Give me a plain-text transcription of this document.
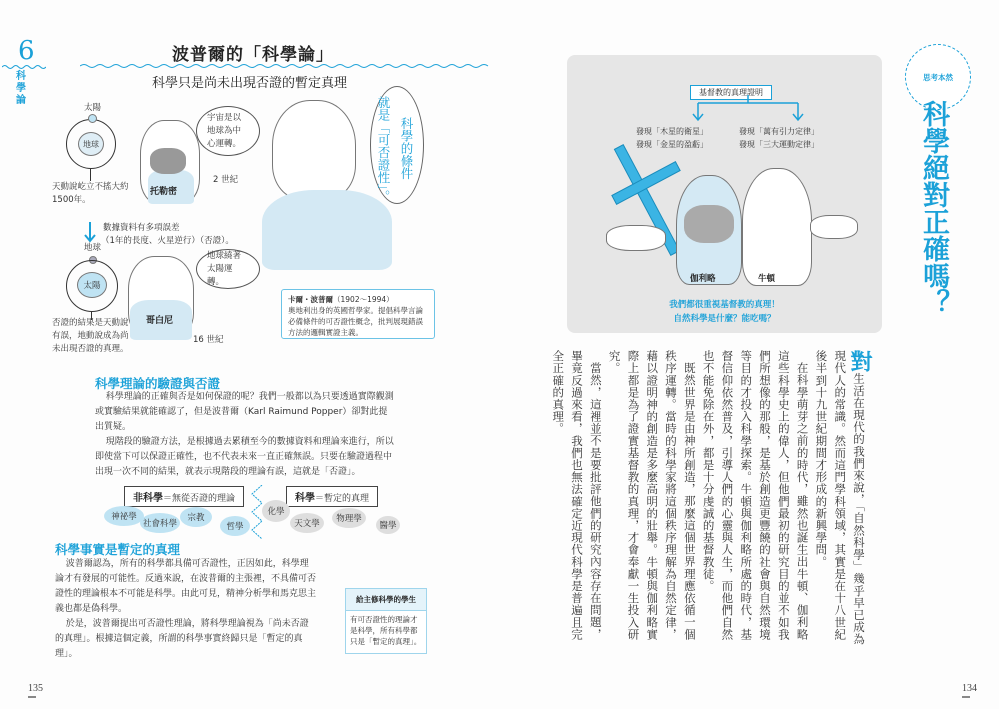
6
科學論
波普爾的「科學論」
科學只是尚未出現否證的暫定真理
太陽
地球
天動說屹立不搖大約1500年。
托勒密
宇宙是以地球為中心運轉。
2 世紀
數據資料有多項誤差
（1年的長度、火星逆行）（否證）。
地球
太陽
否證的結果是天動說有誤，地動說成為尚未出現否證的真理。
哥白尼
地球繞著太陽運轉。
16 世紀
就是「可否證性」。 科學的條件
卡爾・波普爾（1902～1994）
奧地利出身的英國哲學家。提倡科學言論必備條件的可否證性概念，批判展現錯誤方法的邏輯實證主義。
科學理論的驗證與否證

科學理論的正確與否是如何保證的呢？我們一般都以為只要透過實際觀測或實驗結果就能確認了，但是波普爾（Karl Raimund Popper）卻對此提出質疑。

現階段的驗證方法，是根據過去累積至今的數據資料和理論來進行，所以即使當下可以保證正確性，也不代表未來一直正確無誤。只要在驗證過程中出現一次不同的結果，就表示現階段的理論有誤，這就是「否證」。

非科學＝無從否證的理論
神祕學
社會科學
宗教
哲學
科學＝暫定的真理
化學
天文學	物理學
醫學
科學事實是暫定的真理

波普爾認為，所有的科學都具備可否證性，正因如此，科學理論才有發展的可能性。反過來說，在波普爾的主張裡，不具備可否證性的理論根本不可能是科學。由此可見，精神分析學和馬克思主義也都是偽科學。

於是，波普爾提出可否證性理論，將科學理論視為「尚未否證的真理」。根據這個定義，所謂的科學事實終歸只是「暫定的真理」。

給主修科學的學生
有可否證性的理論才是科學，所有科學都只是「暫定的真理」。
135
基督教的真理證明
發現「木星的衛星」
發現「金星的盈虧」
發現「萬有引力定律」
發現「三大運動定律」
伽利略	牛頓
我們都很重視基督教的真理！
自然科學是什麼？能吃嗎？
思考本然
科學絕對正確嗎？

對生活在現代的我們來說，「自然科學」幾乎早已成為現代人的常識。然而這門學科領域，其實是在十八世紀後半到十九世紀期間才形成的新興學問。

在科學萌芽之前的時代，雖然也誕生出牛頓、伽利略這些科學史上的偉人，但他們最初的研究目的並不如我們所想像的那般，是基於創造更豐饒的社會與自然環境等目的才投入科學探索。牛頓與伽利略所處的時代，基督信仰依然普及，引導人們的心靈與人生，而他們自然也不能免除在外，都是十分虔誠的基督教徒。

既然世界是由神所創造，那麼這個世界理應依循一個秩序運轉。當時的科學家將這個秩序理解為自然定律，藉以證明神的創造是多麼高明的壯舉。牛頓與伽利略實際上都是為了證實基督教的真理，才會奉獻一生投入研究。

當然，這裡並不是要批評他們的研究內容存在問題，畢竟反過來看，我們也無法確定近現代科學是普遍且完全正確的真理。

134
